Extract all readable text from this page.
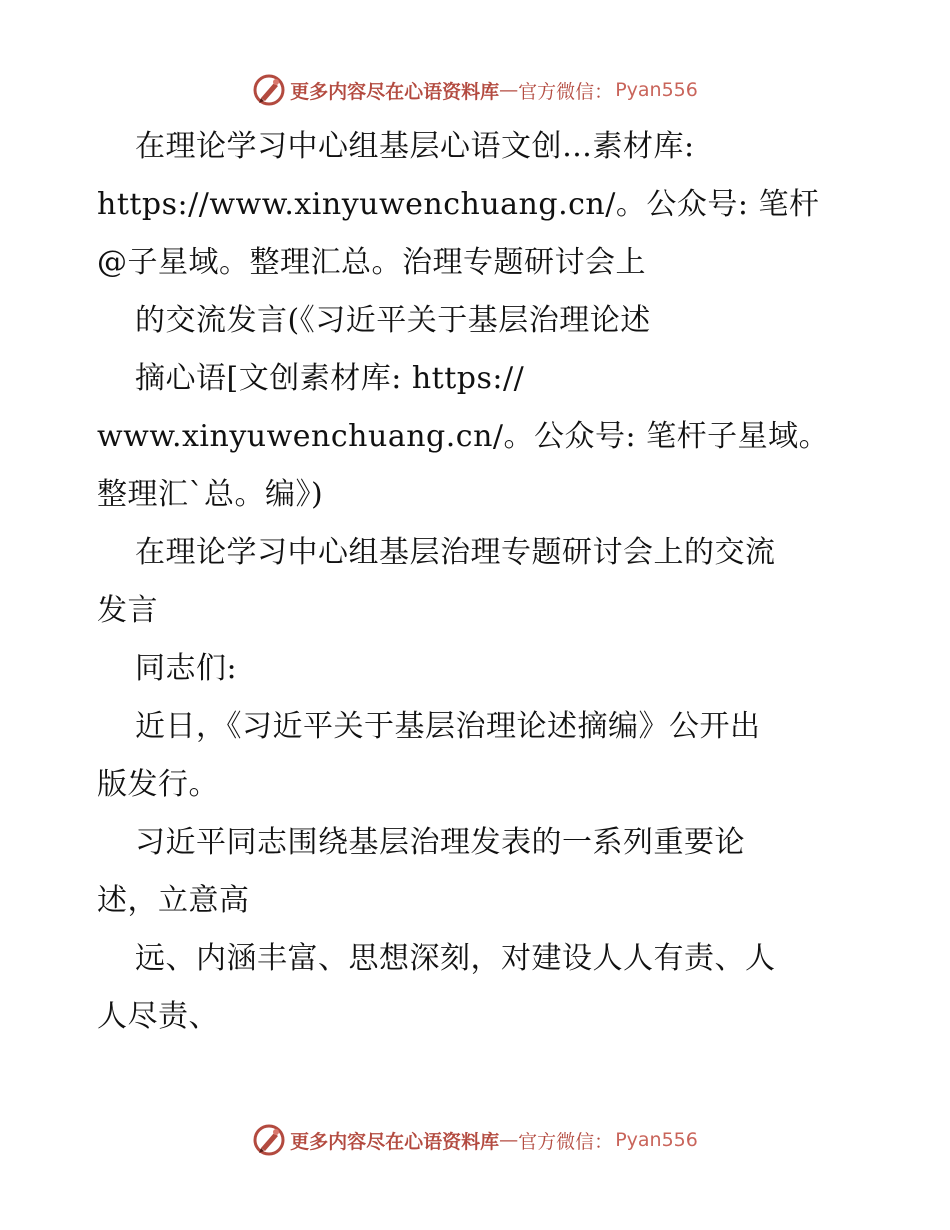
更多内容尽在心语资料库 — 官方微信： Pyan556
在理论学习中心组基层心语文创…素材库:
https://www.xinyuwenchuang.cn/。公众号: 笔杆
@子星域。整理汇总。治理专题研讨会上
的交流发言(《习近平关于基层治理论述
摘心语[文创素材库: https://
www.xinyuwenchuang.cn/。公众号: 笔杆子星域。
整理汇`总。编》)
在理论学习中心组基层治理专题研讨会上的交流
发言
同志们:
近日，《习近平关于基层治理论述摘编》公开出
版发行。
习近平同志围绕基层治理发表的一系列重要论
述，立意高
远、内涵丰富、思想深刻，对建设人人有责、人
人尽责、
更多内容尽在心语资料库 — 官方微信： Pyan556
